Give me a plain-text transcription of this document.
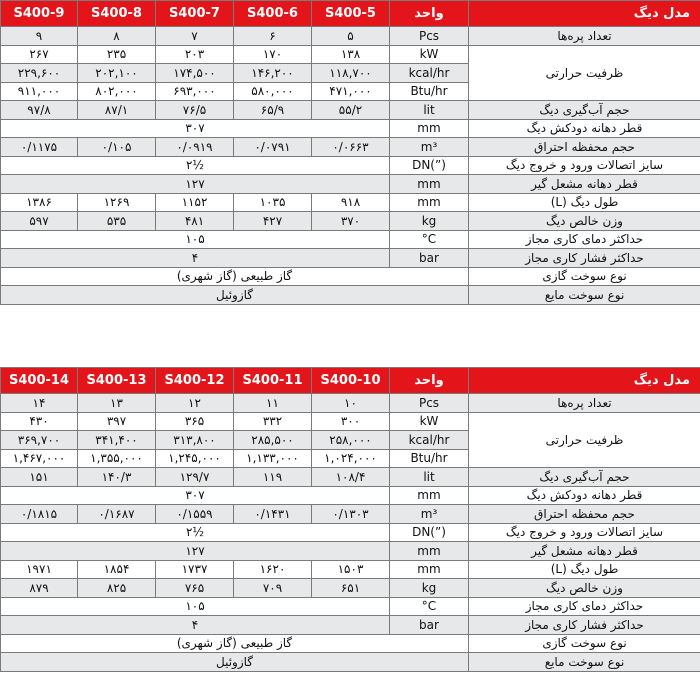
S400-9	S400-8	S400-7	S400-6	S400-5	واحد	مدل دیگ
۹	۸	۷	۶	۵	Pcs	تعداد پره‌ها
۲۶۷	۲۳۵	۲۰۳	۱۷۰	۱۳۸	kW	ظرفیت حرارتی
۲۲۹,۶۰۰	۲۰۲,۱۰۰	۱۷۴,۵۰۰	۱۴۶,۲۰۰	۱۱۸,۷۰۰	kcal/hr	
۹۱۱,۰۰۰	۸۰۲,۰۰۰	۶۹۳,۰۰۰	۵۸۰,۰۰۰	۴۷۱,۰۰۰	Btu/hr	
۹۷/۸	۸۷/۱	۷۶/۵	۶۵/۹	۵۵/۲	lit	حجم آب‌گیری دیگ
۳۰۷					mm	قطر دهانه دودکش دیگ
۰/۱۱۷۵	۰/۱۰۵	۰/۰۹۱۹	۰/۰۷۹۱	۰/۰۶۶۳	m³	حجم محفظه احتراق
۲½					DN(”)	سایز اتصالات ورود و خروج دیگ
۱۲۷					mm	قطر دهانه مشعل گیر
۱۳۸۶	۱۲۶۹	۱۱۵۲	۱۰۳۵	۹۱۸	mm	طول دیگ (L)
۵۹۷	۵۳۵	۴۸۱	۴۲۷	۳۷۰	kg	وزن خالص دیگ
۱۰۵					°C	حداکثر دمای کاری مجاز
۴					bar	حداکثر فشار کاری مجاز
گاز طبیعی (گاز شهری)						نوع سوخت گازی
گازوئیل						نوع سوخت مایع
S400-14	S400-13	S400-12	S400-11	S400-10	واحد	مدل دیگ
۱۴	۱۳	۱۲	۱۱	۱۰	Pcs	تعداد پره‌ها
۴۳۰	۳۹۷	۳۶۵	۳۳۲	۳۰۰	kW	ظرفیت حرارتی
۳۶۹,۷۰۰	۳۴۱,۴۰۰	۳۱۳,۸۰۰	۲۸۵,۵۰۰	۲۵۸,۰۰۰	kcal/hr	
۱,۴۶۷,۰۰۰	۱,۳۵۵,۰۰۰	۱,۲۴۵,۰۰۰	۱,۱۳۳,۰۰۰	۱,۰۲۴,۰۰۰	Btu/hr	
۱۵۱	۱۴۰/۳	۱۲۹/۷	۱۱۹	۱۰۸/۴	lit	حجم آب‌گیری دیگ
۳۰۷					mm	قطر دهانه دودکش دیگ
۰/۱۸۱۵	۰/۱۶۸۷	۰/۱۵۵۹	۰/۱۴۳۱	۰/۱۳۰۳	m³	حجم محفظه احتراق
۲½					DN(”)	سایز اتصالات ورود و خروج دیگ
۱۲۷					mm	قطر دهانه مشعل گیر
۱۹۷۱	۱۸۵۴	۱۷۳۷	۱۶۲۰	۱۵۰۳	mm	طول دیگ (L)
۸۷۹	۸۲۵	۷۶۵	۷۰۹	۶۵۱	kg	وزن خالص دیگ
۱۰۵					°C	حداکثر دمای کاری مجاز
۴					bar	حداکثر فشار کاری مجاز
گاز طبیعی (گاز شهری)						نوع سوخت گازی
گازوئیل						نوع سوخت مایع
